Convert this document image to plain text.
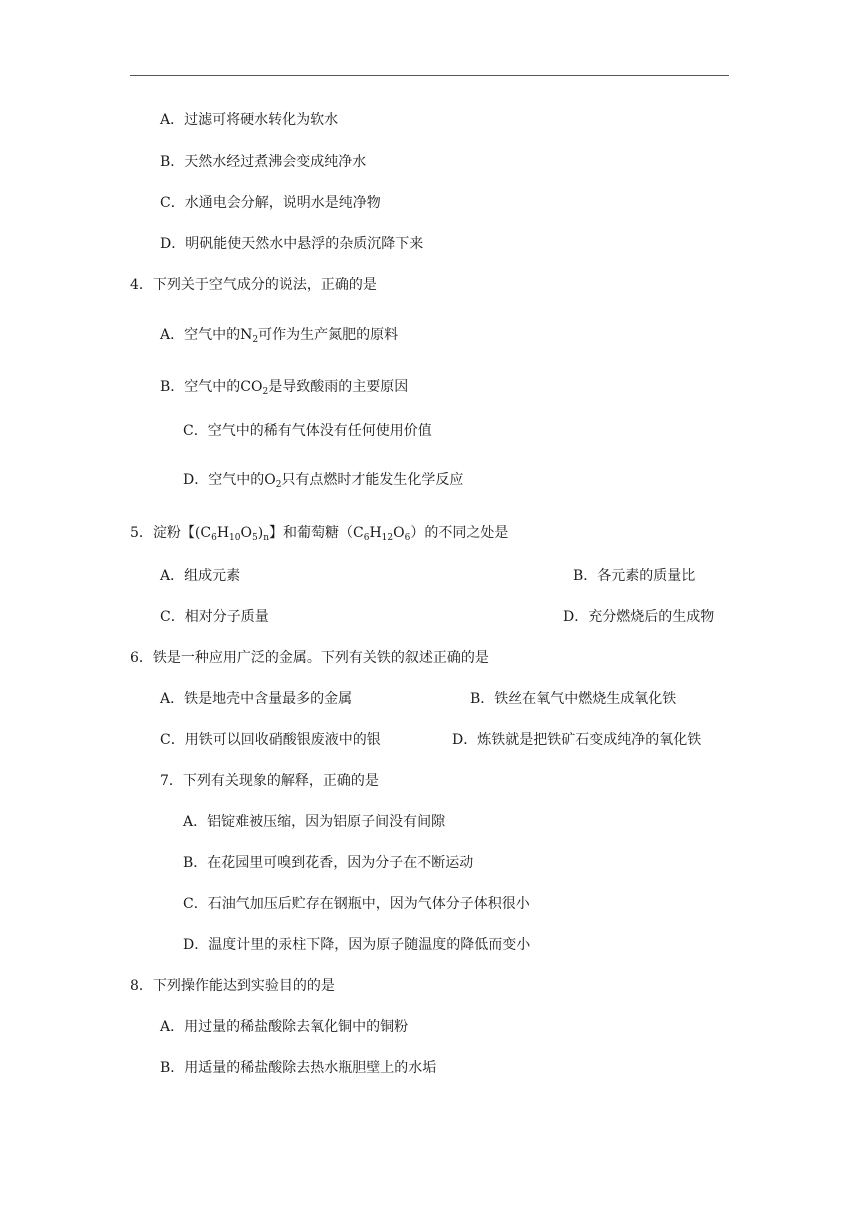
A．过滤可将硬水转化为软水
B．天然水经过煮沸会变成纯净水
C．水通电会分解，说明水是纯净物
D．明矾能使天然水中悬浮的杂质沉降下来
4．下列关于空气成分的说法，正确的是
A．空气中的$N_2$可作为生产氮肥的原料
B．空气中的$CO_2$是导致酸雨的主要原因
C．空气中的稀有气体没有任何使用价值
D．空气中的$O_2$只有点燃时才能发生化学反应
5．淀粉【$(C_6H_{10}O_5)_n$】和葡萄糖$(C_6H_{12}O_6)$的不同之处是
A．组成元素	B．各元素的质量比
C．相对分子质量	D．充分燃烧后的生成物
6．铁是一种应用广泛的金属。下列有关铁的叙述正确的是
A．铁是地壳中含量最多的金属	B．铁丝在氧气中燃烧生成氧化铁
C．用铁可以回收硝酸银废液中的银	D．炼铁就是把铁矿石变成纯净的氧化铁
7．下列有关现象的解释，正确的是
A．铝锭难被压缩，因为铝原子间没有间隙
B．在花园里可嗅到花香，因为分子在不断运动
C．石油气加压后贮存在钢瓶中，因为气体分子体积很小
D．温度计里的汞柱下降，因为原子随温度的降低而变小
8．下列操作能达到实验目的的是
A．用过量的稀盐酸除去氧化铜中的铜粉
B．用适量的稀盐酸除去热水瓶胆壁上的水垢
